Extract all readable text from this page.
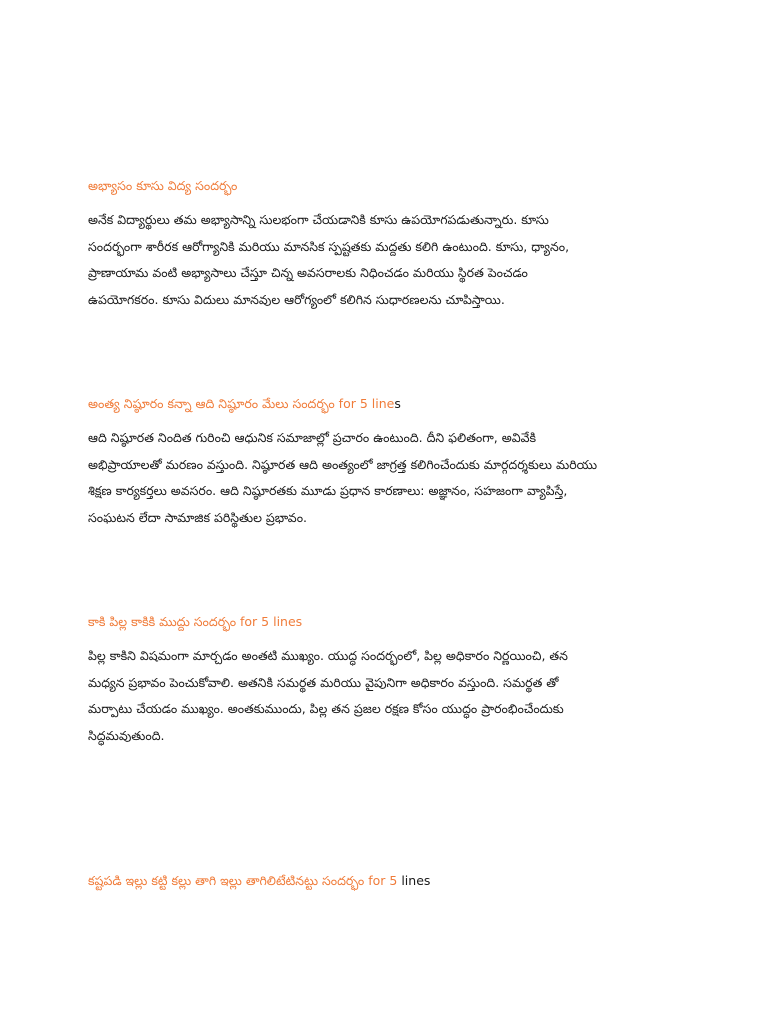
అభ్యాసం కూసు విద్య సందర్భం

అనేక విద్యార్థులు తమ అభ్యాసాన్ని సులభంగా చేయడానికి కూసు ఉపయోగపడుతున్నారు. కూసు
సందర్భంగా శారీరక ఆరోగ్యానికి మరియు మానసిక స్పష్టతకు మద్దతు కలిగి ఉంటుంది. కూసు, ధ్యానం,
ప్రాణాయామ వంటి అభ్యాసాలు చేస్తూ చిన్న అవసరాలకు నిధించడం మరియు స్థిరత పెంచడం
ఉపయోగకరం. కూసు విదులు మానవుల ఆరోగ్యంలో కలిగిన సుధారణలను చూపిస్తాయి.

అంత్య నిష్ఠూరం కన్నా ఆది నిష్ఠూరం మేలు సందర్భం for 5 lines

ఆది నిష్ఠూరత నిందిత గురించి ఆధునిక సమాజాల్లో ప్రచారం ఉంటుంది. దీని ఫలితంగా, అవివేకి
అభిప్రాయాలతో మరణం వస్తుంది. నిష్ఠూరత ఆది అంత్యంలో జాగ్రత్త కలిగించేందుకు మార్గదర్శకులు మరియు
శిక్షణ కార్యకర్తలు అవసరం. ఆది నిష్ఠూరతకు మూడు ప్రధాన కారణాలు: అజ్ఞానం, సహజంగా వ్యాపిస్తే,
సంఘటన లేదా సామాజిక పరిస్థితుల ప్రభావం.

కాకి పిల్ల కాకికి ముద్దు సందర్భం for 5 lines

పిల్ల కాకిని విషమంగా మార్చడం అంతటి ముఖ్యం. యుద్ధ సందర్భంలో, పిల్ల అధికారం నిర్ణయించి, తన
మధ్యన ప్రభావం పెంచుకోవాలి. అతనికి సమర్థత మరియు వైపునిగా అధికారం వస్తుంది. సమర్థత తో
మర్పాటు చేయడం ముఖ్యం. అంతకుముందు, పిల్ల తన ప్రజల రక్షణ కోసం యుద్ధం ప్రారంభించేందుకు
సిద్ధమవుతుంది.

కష్టపడి ఇల్లు కట్టి కల్లు తాగి ఇల్లు తాగిలిటేటినట్టు సందర్భం for 5 lines
